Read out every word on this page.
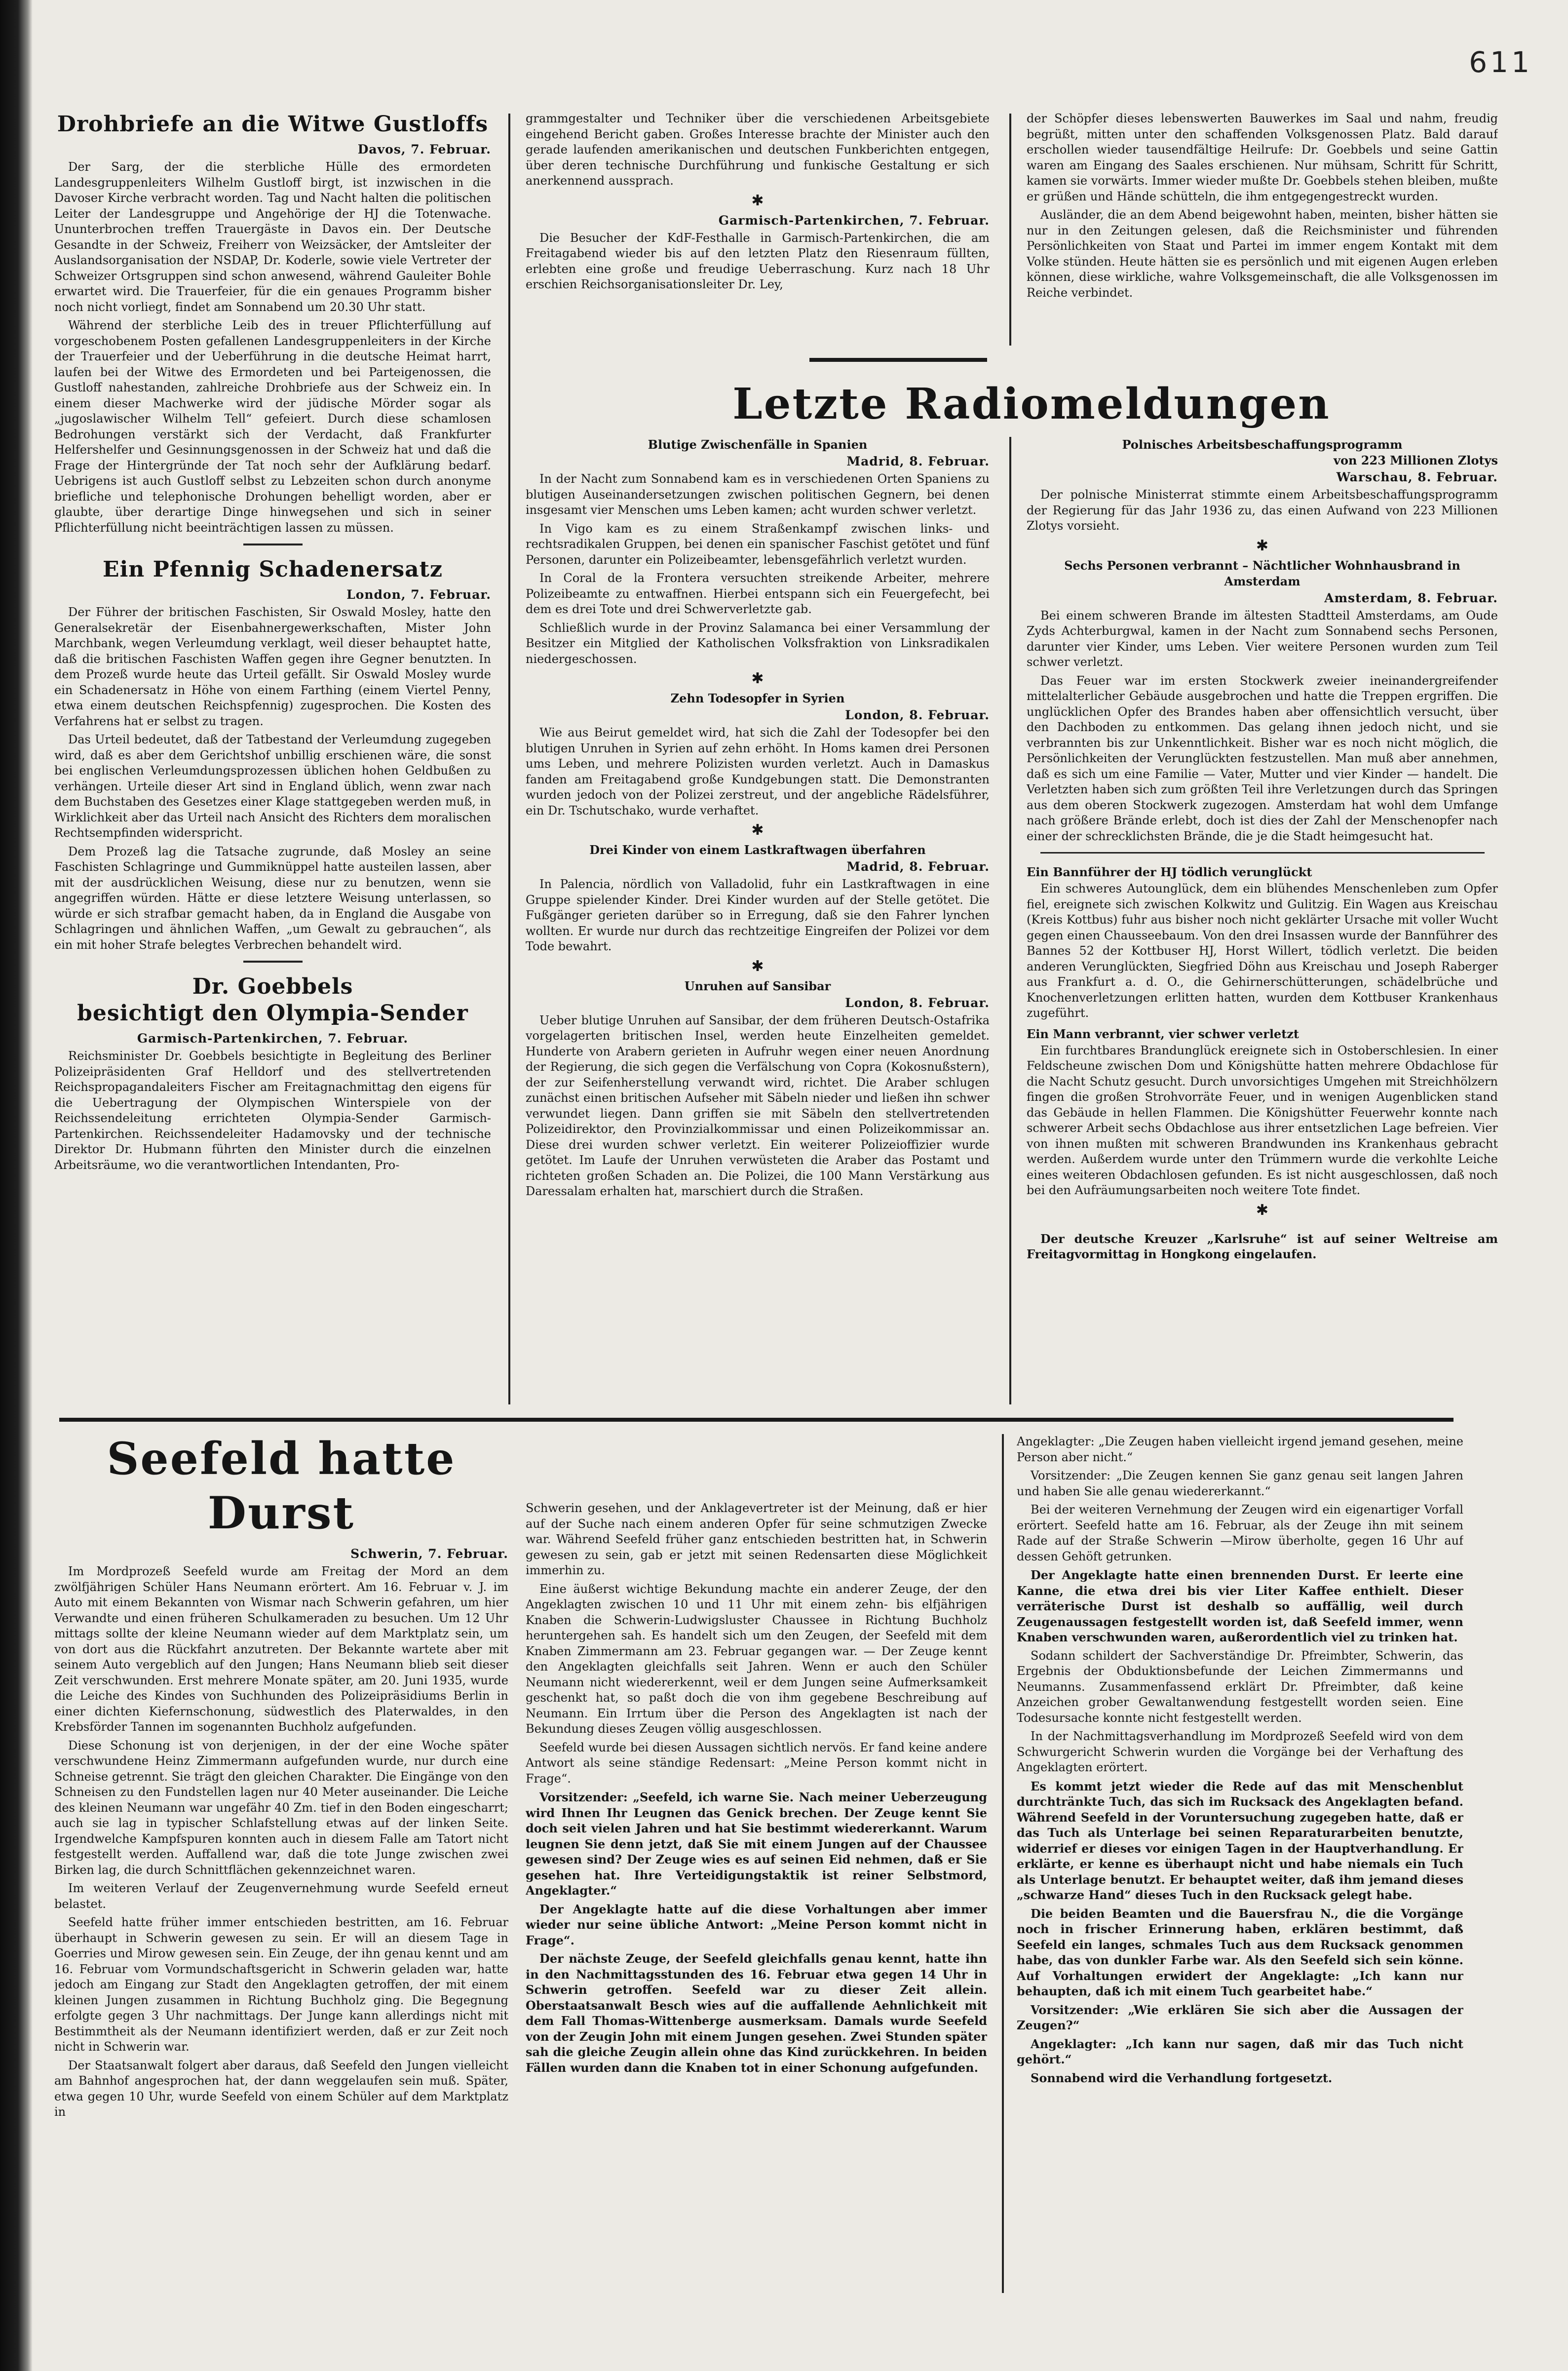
611
Drohbriefe an die Witwe Gustloffs
Davos, 7. Februar.

Der Sarg, der die sterbliche Hülle des ermordeten Landesgruppenleiters Wilhelm Gustloff birgt, ist inzwischen in die Davoser Kirche verbracht worden. Tag und Nacht halten die politischen Leiter der Landesgruppe und Angehörige der HJ die Totenwache. Ununterbrochen treffen Trauergäste in Davos ein. Der Deutsche Gesandte in der Schweiz, Freiherr von Weizsäcker, der Amtsleiter der Auslandsorganisation der NSDAP, Dr. Koderle, sowie viele Vertreter der Schweizer Ortsgruppen sind schon anwesend, während Gauleiter Bohle erwartet wird. Die Trauerfeier, für die ein genaues Programm bisher noch nicht vorliegt, findet am Sonnabend um 20.30 Uhr statt.

Während der sterbliche Leib des in treuer Pflichterfüllung auf vorgeschobenem Posten gefallenen Landesgruppenleiters in der Kirche der Trauerfeier und der Ueberführung in die deutsche Heimat harrt, laufen bei der Witwe des Ermordeten und bei Parteigenossen, die Gustloff nahestanden, zahlreiche Drohbriefe aus der Schweiz ein. In einem dieser Machwerke wird der jüdische Mörder sogar als „jugoslawischer Wilhelm Tell“ gefeiert. Durch diese schamlosen Bedrohungen verstärkt sich der Verdacht, daß Frankfurter Helfershelfer und Gesinnungsgenossen in der Schweiz hat und daß die Frage der Hintergründe der Tat noch sehr der Aufklärung bedarf. Uebrigens ist auch Gustloff selbst zu Lebzeiten schon durch anonyme briefliche und telephonische Drohungen behelligt worden, aber er glaubte, über derartige Dinge hinwegsehen und sich in seiner Pflichterfüllung nicht beeinträchtigen lassen zu müssen.

Ein Pfennig Schadenersatz
London, 7. Februar.

Der Führer der britischen Faschisten, Sir Oswald Mosley, hatte den Generalsekretär der Eisenbahnergewerkschaften, Mister John Marchbank, wegen Verleumdung verklagt, weil dieser behauptet hatte, daß die britischen Faschisten Waffen gegen ihre Gegner benutzten. In dem Prozeß wurde heute das Urteil gefällt. Sir Oswald Mosley wurde ein Schadenersatz in Höhe von einem Farthing (einem Viertel Penny, etwa einem deutschen Reichspfennig) zugesprochen. Die Kosten des Verfahrens hat er selbst zu tragen.

Das Urteil bedeutet, daß der Tatbestand der Verleumdung zugegeben wird, daß es aber dem Gerichtshof unbillig erschienen wäre, die sonst bei englischen Verleumdungsprozessen üblichen hohen Geldbußen zu verhängen. Urteile dieser Art sind in England üblich, wenn zwar nach dem Buchstaben des Gesetzes einer Klage stattgegeben werden muß, in Wirklichkeit aber das Urteil nach Ansicht des Richters dem moralischen Rechtsempfinden widerspricht.

Dem Prozeß lag die Tatsache zugrunde, daß Mosley an seine Faschisten Schlagringe und Gummiknüppel hatte austeilen lassen, aber mit der ausdrücklichen Weisung, diese nur zu benutzen, wenn sie angegriffen würden. Hätte er diese letztere Weisung unterlassen, so würde er sich strafbar gemacht haben, da in England die Ausgabe von Schlagringen und ähnlichen Waffen, „um Gewalt zu gebrauchen“, als ein mit hoher Strafe belegtes Verbrechen behandelt wird.

Dr. Goebbels
besichtigt den Olympia-Sender
Garmisch-Partenkirchen, 7. Februar.

Reichsminister Dr. Goebbels besichtigte in Begleitung des Berliner Polizeipräsidenten Graf Helldorf und des stellvertretenden Reichspropagandaleiters Fischer am Freitagnachmittag den eigens für die Uebertragung der Olympischen Winterspiele von der Reichssendeleitung errichteten Olympia-Sender Garmisch-Partenkirchen. Reichssendeleiter Hadamovsky und der technische Direktor Dr. Hubmann führten den Minister durch die einzelnen Arbeitsräume, wo die verantwortlichen Intendanten, Pro-

grammgestalter und Techniker über die verschiedenen Arbeitsgebiete eingehend Bericht gaben. Großes Interesse brachte der Minister auch den gerade laufenden amerikanischen und deutschen Funkberichten entgegen, über deren technische Durchführung und funkische Gestaltung er sich anerkennend aussprach.

✱
Garmisch-Partenkirchen, 7. Februar.

Die Besucher der KdF-Festhalle in Garmisch-Partenkirchen, die am Freitagabend wieder bis auf den letzten Platz den Riesenraum füllten, erlebten eine große und freudige Ueberraschung. Kurz nach 18 Uhr erschien Reichsorganisationsleiter Dr. Ley,

der Schöpfer dieses lebenswerten Bauwerkes im Saal und nahm, freudig begrüßt, mitten unter den schaffenden Volksgenossen Platz. Bald darauf erschollen wieder tausendfältige Heilrufe: Dr. Goebbels und seine Gattin waren am Eingang des Saales erschienen. Nur mühsam, Schritt für Schritt, kamen sie vorwärts. Immer wieder mußte Dr. Goebbels stehen bleiben, mußte er grüßen und Hände schütteln, die ihm entgegengestreckt wurden.

Ausländer, die an dem Abend beigewohnt haben, meinten, bisher hätten sie nur in den Zeitungen gelesen, daß die Reichsminister und führenden Persönlichkeiten von Staat und Partei im immer engem Kontakt mit dem Volke stünden. Heute hätten sie es persönlich und mit eigenen Augen erleben können, diese wirkliche, wahre Volksgemeinschaft, die alle Volksgenossen im Reiche verbindet.

Letzte Radiomeldungen
Blutige Zwischenfälle in Spanien
Madrid, 8. Februar.

In der Nacht zum Sonnabend kam es in verschiedenen Orten Spaniens zu blutigen Auseinandersetzungen zwischen politischen Gegnern, bei denen insgesamt vier Menschen ums Leben kamen; acht wurden schwer verletzt.

In Vigo kam es zu einem Straßenkampf zwischen links- und rechtsradikalen Gruppen, bei denen ein spanischer Faschist getötet und fünf Personen, darunter ein Polizeibeamter, lebensgefährlich verletzt wurden.

In Coral de la Frontera versuchten streikende Arbeiter, mehrere Polizeibeamte zu entwaffnen. Hierbei entspann sich ein Feuergefecht, bei dem es drei Tote und drei Schwerverletzte gab.

Schließlich wurde in der Provinz Salamanca bei einer Versammlung der Besitzer ein Mitglied der Katholischen Volksfraktion von Linksradikalen niedergeschossen.

✱
Zehn Todesopfer in Syrien
London, 8. Februar.

Wie aus Beirut gemeldet wird, hat sich die Zahl der Todesopfer bei den blutigen Unruhen in Syrien auf zehn erhöht. In Homs kamen drei Personen ums Leben, und mehrere Polizisten wurden verletzt. Auch in Damaskus fanden am Freitagabend große Kundgebungen statt. Die Demonstranten wurden jedoch von der Polizei zerstreut, und der angebliche Rädelsführer, ein Dr. Tschutschako, wurde verhaftet.

✱
Drei Kinder von einem Lastkraftwagen überfahren
Madrid, 8. Februar.

In Palencia, nördlich von Valladolid, fuhr ein Lastkraftwagen in eine Gruppe spielender Kinder. Drei Kinder wurden auf der Stelle getötet. Die Fußgänger gerieten darüber so in Erregung, daß sie den Fahrer lynchen wollten. Er wurde nur durch das rechtzeitige Eingreifen der Polizei vor dem Tode bewahrt.

✱
Unruhen auf Sansibar
London, 8. Februar.

Ueber blutige Unruhen auf Sansibar, der dem früheren Deutsch-Ostafrika vorgelagerten britischen Insel, werden heute Einzelheiten gemeldet. Hunderte von Arabern gerieten in Aufruhr wegen einer neuen Anordnung der Regierung, die sich gegen die Verfälschung von Copra (Kokosnußstern), der zur Seifenherstellung verwandt wird, richtet. Die Araber schlugen zunächst einen britischen Aufseher mit Säbeln nieder und ließen ihn schwer verwundet liegen. Dann griffen sie mit Säbeln den stellvertretenden Polizeidirektor, den Provinzialkommissar und einen Polizeikommissar an. Diese drei wurden schwer verletzt. Ein weiterer Polizeioffizier wurde getötet. Im Laufe der Unruhen verwüsteten die Araber das Postamt und richteten großen Schaden an. Die Polizei, die 100 Mann Verstärkung aus Daressalam erhalten hat, marschiert durch die Straßen.

Polnisches Arbeitsbeschaffungsprogramm
von 223 Millionen Zlotys
Warschau, 8. Februar.

Der polnische Ministerrat stimmte einem Arbeitsbeschaffungsprogramm der Regierung für das Jahr 1936 zu, das einen Aufwand von 223 Millionen Zlotys vorsieht.

✱
Sechs Personen verbrannt – Nächtlicher Wohnhausbrand in Amsterdam
Amsterdam, 8. Februar.

Bei einem schweren Brande im ältesten Stadtteil Amsterdams, am Oude Zyds Achterburgwal, kamen in der Nacht zum Sonnabend sechs Personen, darunter vier Kinder, ums Leben. Vier weitere Personen wurden zum Teil schwer verletzt.

Das Feuer war im ersten Stockwerk zweier ineinandergreifender mittelalterlicher Gebäude ausgebrochen und hatte die Treppen ergriffen. Die unglücklichen Opfer des Brandes haben aber offensichtlich versucht, über den Dachboden zu entkommen. Das gelang ihnen jedoch nicht, und sie verbrannten bis zur Unkenntlichkeit. Bisher war es noch nicht möglich, die Persönlichkeiten der Verunglückten festzustellen. Man muß aber annehmen, daß es sich um eine Familie — Vater, Mutter und vier Kinder — handelt. Die Verletzten haben sich zum größten Teil ihre Verletzungen durch das Springen aus dem oberen Stockwerk zugezogen. Amsterdam hat wohl dem Umfange nach größere Brände erlebt, doch ist dies der Zahl der Menschenopfer nach einer der schrecklichsten Brände, die je die Stadt heimgesucht hat.

Ein Bannführer der HJ tödlich verunglückt

Ein schweres Autounglück, dem ein blühendes Menschenleben zum Opfer fiel, ereignete sich zwischen Kolkwitz und Gulitzig. Ein Wagen aus Kreischau (Kreis Kottbus) fuhr aus bisher noch nicht geklärter Ursache mit voller Wucht gegen einen Chausseebaum. Von den drei Insassen wurde der Bannführer des Bannes 52 der Kottbuser HJ, Horst Willert, tödlich verletzt. Die beiden anderen Verunglückten, Siegfried Döhn aus Kreischau und Joseph Raberger aus Frankfurt a. d. O., die Gehirnerschütterungen, schädelbrüche und Knochenverletzungen erlitten hatten, wurden dem Kottbuser Krankenhaus zugeführt.

Ein Mann verbrannt, vier schwer verletzt

Ein furchtbares Brandunglück ereignete sich in Ostoberschlesien. In einer Feldscheune zwischen Dom und Königshütte hatten mehrere Obdachlose für die Nacht Schutz gesucht. Durch unvorsichtiges Umgehen mit Streichhölzern fingen die großen Strohvorräte Feuer, und in wenigen Augenblicken stand das Gebäude in hellen Flammen. Die Königshütter Feuerwehr konnte nach schwerer Arbeit sechs Obdachlose aus ihrer entsetzlichen Lage befreien. Vier von ihnen mußten mit schweren Brandwunden ins Krankenhaus gebracht werden. Außerdem wurde unter den Trümmern wurde die verkohlte Leiche eines weiteren Obdachlosen gefunden. Es ist nicht ausgeschlossen, daß noch bei den Aufräumungsarbeiten noch weitere Tote findet.

✱

Der deutsche Kreuzer „Karlsruhe“ ist auf seiner Weltreise am Freitagvormittag in Hongkong eingelaufen.

Seefeld hatte Durst
Schwerin, 7. Februar.

Im Mordprozeß Seefeld wurde am Freitag der Mord an dem zwölfjährigen Schüler Hans Neumann erörtert. Am 16. Februar v. J. im Auto mit einem Bekannten von Wismar nach Schwerin gefahren, um hier Verwandte und einen früheren Schulkameraden zu besuchen. Um 12 Uhr mittags sollte der kleine Neumann wieder auf dem Marktplatz sein, um von dort aus die Rückfahrt anzutreten. Der Bekannte wartete aber mit seinem Auto vergeblich auf den Jungen; Hans Neumann blieb seit dieser Zeit verschwunden. Erst mehrere Monate später, am 20. Juni 1935, wurde die Leiche des Kindes von Suchhunden des Polizeipräsidiums Berlin in einer dichten Kiefernschonung, südwestlich des Platerwaldes, in den Krebsförder Tannen im sogenannten Buchholz aufgefunden.

Diese Schonung ist von derjenigen, in der der eine Woche später verschwundene Heinz Zimmermann aufgefunden wurde, nur durch eine Schneise getrennt. Sie trägt den gleichen Charakter. Die Eingänge von den Schneisen zu den Fundstellen lagen nur 40 Meter auseinander. Die Leiche des kleinen Neumann war ungefähr 40 Zm. tief in den Boden eingescharrt; auch sie lag in typischer Schlafstellung etwas auf der linken Seite. Irgendwelche Kampfspuren konnten auch in diesem Falle am Tatort nicht festgestellt werden. Auffallend war, daß die tote Junge zwischen zwei Birken lag, die durch Schnittflächen gekennzeichnet waren.

Im weiteren Verlauf der Zeugenvernehmung wurde Seefeld erneut belastet.

Seefeld hatte früher immer entschieden bestritten, am 16. Februar überhaupt in Schwerin gewesen zu sein. Er will an diesem Tage in Goerries und Mirow gewesen sein. Ein Zeuge, der ihn genau kennt und am 16. Februar vom Vormundschaftsgericht in Schwerin geladen war, hatte jedoch am Eingang zur Stadt den Angeklagten getroffen, der mit einem kleinen Jungen zusammen in Richtung Buchholz ging. Die Begegnung erfolgte gegen 3 Uhr nachmittags. Der Junge kann allerdings nicht mit Bestimmtheit als der Neumann identifiziert werden, daß er zur Zeit noch nicht in Schwerin war.

Der Staatsanwalt folgert aber daraus, daß Seefeld den Jungen vielleicht am Bahnhof angesprochen hat, der dann weggelaufen sein muß. Später, etwa gegen 10 Uhr, wurde Seefeld von einem Schüler auf dem Marktplatz in

Schwerin gesehen, und der Anklagevertreter ist der Meinung, daß er hier auf der Suche nach einem anderen Opfer für seine schmutzigen Zwecke war. Während Seefeld früher ganz entschieden bestritten hat, in Schwerin gewesen zu sein, gab er jetzt mit seinen Redensarten diese Möglichkeit immerhin zu.

Eine äußerst wichtige Bekundung machte ein anderer Zeuge, der den Angeklagten zwischen 10 und 11 Uhr mit einem zehn- bis elfjährigen Knaben die Schwerin-Ludwigsluster Chaussee in Richtung Buchholz heruntergehen sah. Es handelt sich um den Zeugen, der Seefeld mit dem Knaben Zimmermann am 23. Februar gegangen war. — Der Zeuge kennt den Angeklagten gleichfalls seit Jahren. Wenn er auch den Schüler Neumann nicht wiedererkennt, weil er dem Jungen seine Aufmerksamkeit geschenkt hat, so paßt doch die von ihm gegebene Beschreibung auf Neumann. Ein Irrtum über die Person des Angeklagten ist nach der Bekundung dieses Zeugen völlig ausgeschlossen.

Seefeld wurde bei diesen Aussagen sichtlich nervös. Er fand keine andere Antwort als seine ständige Redensart: „Meine Person kommt nicht in Frage“.

Vorsitzender: „Seefeld, ich warne Sie. Nach meiner Ueberzeugung wird Ihnen Ihr Leugnen das Genick brechen. Der Zeuge kennt Sie doch seit vielen Jahren und hat Sie bestimmt wiedererkannt. Warum leugnen Sie denn jetzt, daß Sie mit einem Jungen auf der Chaussee gewesen sind? Der Zeuge wies es auf seinen Eid nehmen, daß er Sie gesehen hat. Ihre Verteidigungstaktik ist reiner Selbstmord, Angeklagter.“

Der Angeklagte hatte auf die diese Vorhaltungen aber immer wieder nur seine übliche Antwort: „Meine Person kommt nicht in Frage“.

Der nächste Zeuge, der Seefeld gleichfalls genau kennt, hatte ihn in den Nachmittagsstunden des 16. Februar etwa gegen 14 Uhr in Schwerin getroffen. Seefeld war zu dieser Zeit allein. Oberstaatsanwalt Besch wies auf die auffallende Aehnlichkeit mit dem Fall Thomas-Wittenberge ausmerksam. Damals wurde Seefeld von der Zeugin John mit einem Jungen gesehen. Zwei Stunden später sah die gleiche Zeugin allein ohne das Kind zurückkehren. In beiden Fällen wurden dann die Knaben tot in einer Schonung aufgefunden.

Angeklagter: „Die Zeugen haben vielleicht irgend jemand gesehen, meine Person aber nicht.“

Vorsitzender: „Die Zeugen kennen Sie ganz genau seit langen Jahren und haben Sie alle genau wiedererkannt.“

Bei der weiteren Vernehmung der Zeugen wird ein eigenartiger Vorfall erörtert. Seefeld hatte am 16. Februar, als der Zeuge ihn mit seinem Rade auf der Straße Schwerin —Mirow überholte, gegen 16 Uhr auf dessen Gehöft getrunken.

Der Angeklagte hatte einen brennenden Durst. Er leerte eine Kanne, die etwa drei bis vier Liter Kaffee enthielt. Dieser verräterische Durst ist deshalb so auffällig, weil durch Zeugenaussagen festgestellt worden ist, daß Seefeld immer, wenn Knaben verschwunden waren, außerordentlich viel zu trinken hat.

Sodann schildert der Sachverständige Dr. Pfreimbter, Schwerin, das Ergebnis der Obduktionsbefunde der Leichen Zimmermanns und Neumanns. Zusammenfassend erklärt Dr. Pfreimbter, daß keine Anzeichen grober Gewaltanwendung festgestellt worden seien. Eine Todesursache konnte nicht festgestellt werden.

In der Nachmittagsverhandlung im Mordprozeß Seefeld wird von dem Schwurgericht Schwerin wurden die Vorgänge bei der Verhaftung des Angeklagten erörtert.

Es kommt jetzt wieder die Rede auf das mit Menschenblut durchtränkte Tuch, das sich im Rucksack des Angeklagten befand. Während Seefeld in der Voruntersuchung zugegeben hatte, daß er das Tuch als Unterlage bei seinen Reparaturarbeiten benutzte, widerrief er dieses vor einigen Tagen in der Hauptverhandlung. Er erklärte, er kenne es überhaupt nicht und habe niemals ein Tuch als Unterlage benutzt. Er behauptet weiter, daß ihm jemand dieses „schwarze Hand“ dieses Tuch in den Rucksack gelegt habe.

Die beiden Beamten und die Bauersfrau N., die die Vorgänge noch in frischer Erinnerung haben, erklären bestimmt, daß Seefeld ein langes, schmales Tuch aus dem Rucksack genommen habe, das von dunkler Farbe war. Als den Seefeld sich sein könne. Auf Vorhaltungen erwidert der Angeklagte: „Ich kann nur behaupten, daß ich mit einem Tuch gearbeitet habe.“

Vorsitzender: „Wie erklären Sie sich aber die Aussagen der Zeugen?“

Angeklagter: „Ich kann nur sagen, daß mir das Tuch nicht gehört.“

Sonnabend wird die Verhandlung fortgesetzt.
